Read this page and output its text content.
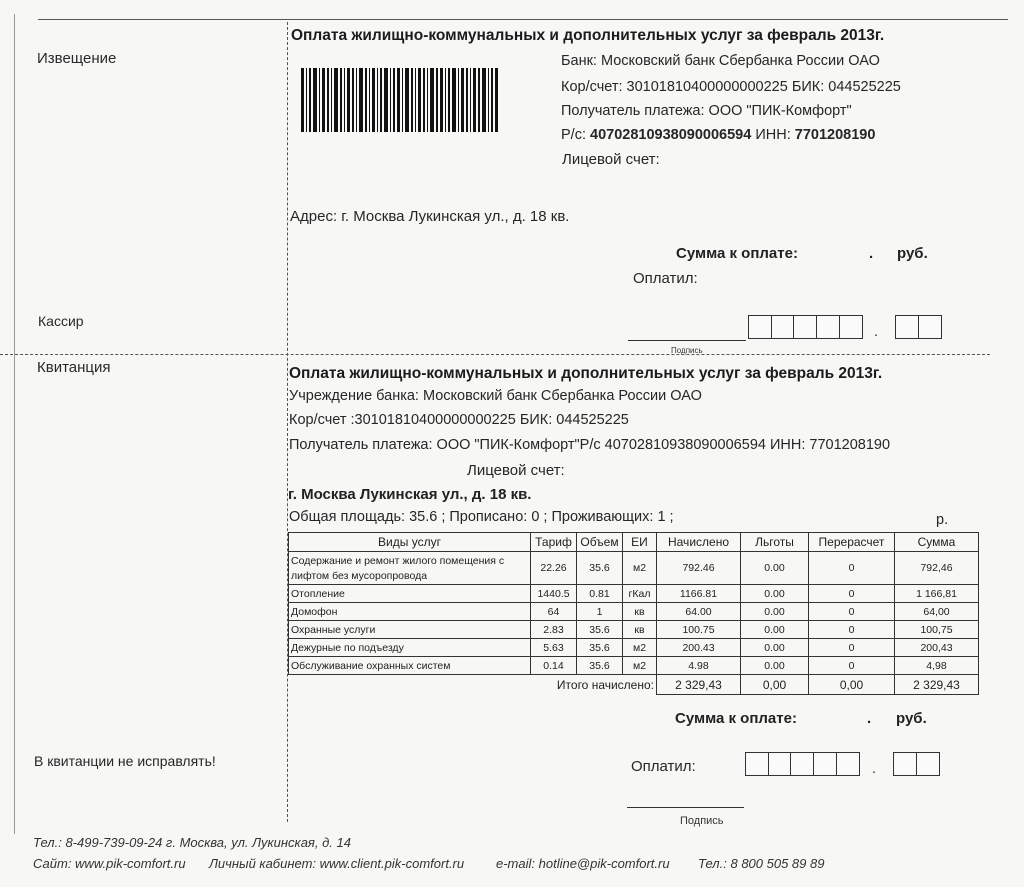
Извещение
Оплата жилищно-коммунальных и дополнительных услуг за февраль 2013г.
Банк: Московский банк Сбербанка России ОАО
Кор/счет: 30101810400000000225 БИК: 044525225
Получатель платежа: ООО "ПИК-Комфорт"
Р/с: 40702810938090006594 ИНН: 7701208190
Лицевой счет:
Адрес: г. Москва Лукинская ул., д. 18 кв.
Сумма к оплате:	. руб.
Оплатил:
Кассир
Подпись
.
Квитанция	Оплата жилищно-коммунальных и дополнительных услуг за февраль 2013г.
Учреждение банка: Московский банк Сбербанка России ОАО
Кор/счет :30101810400000000225 БИК: 044525225
Получатель платежа: ООО "ПИК-Комфорт"Р/с 40702810938090006594 ИНН: 7701208190
Лицевой счет:
г. Москва Лукинская ул., д. 18 кв.
Общая площадь: 35.6 ; Прописано: 0 ; Проживающих: 1 ;	р.
Виды услуг	Тариф	Объем	ЕИ	Начислено	Льготы	Перерасчет	Сумма
Содержание и ремонт жилого помещения с лифтом без мусоропровода	22.26	35.6	м2	792.46	0.00	0	792,46
Отопление	1440.5	0.81	гКал	1166.81	0.00	0	1 166,81
Домофон	64	1	кв	64.00	0.00	0	64,00
Охранные услуги	2.83	35.6	кв	100.75	0.00	0	100,75
Дежурные по подъезду	5.63	35.6	м2	200.43	0.00	0	200,43
Обслуживание охранных систем	0.14	35.6	м2	4.98	0.00	0	4,98
Итого начислено:				2 329,43	0,00	0,00	2 329,43
Сумма к оплате:	. руб.
В квитанции не исправлять!	Оплатил:	.
Подпись
Тел.: 8-499-739-09-24 г. Москва, ул. Лукинская, д. 14
Сайт: www.pik-comfort.ru Личный кабинет: www.client.pik-comfort.ru e-mail: hotline@pik-comfort.ru Тел.: 8 800 505 89 89
